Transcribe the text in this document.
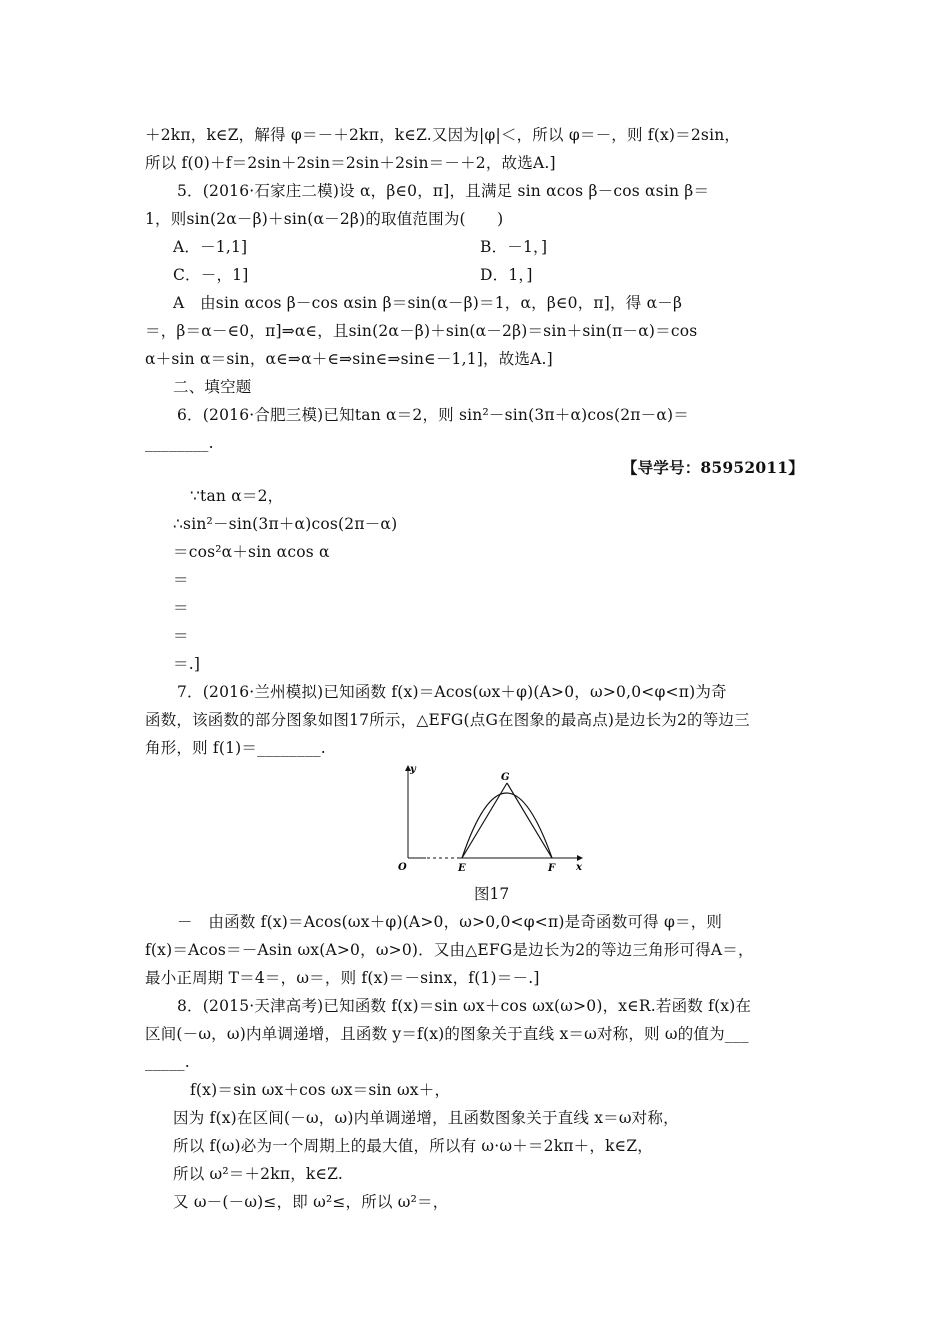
＋2kπ，k∈Z，解得 φ＝－＋2kπ，k∈Z.又因为|φ|＜，所以 φ＝－，则 f(x)＝2sin，
所以 f(0)＋f＝2sin＋2sin＝2sin＋2sin＝－＋2，故选A.]
5．(2016·石家庄二模)设 α，β∈0，π]，且满足 sin αcos β－cos αsin β＝
1，则sin(2α－β)＋sin(α－2β)的取值范围为(　　)
A．－1,1]	B．－1，]
C．－，1]	D．1，]
A　由sin αcos β－cos αsin β＝sin(α－β)＝1，α，β∈0，π]，得 α－β
＝，β＝α－∈0，π]⇒α∈，且sin(2α－β)＋sin(α－2β)＝sin＋sin(π－α)＝cos
α＋sin α＝sin，α∈⇒α＋∈⇒sin∈⇒sin∈－1,1]，故选A.]
二、填空题
6．(2016·合肥三模)已知tan α＝2，则 sin²－sin(3π＋α)cos(2π－α)＝
________.
【导学号：85952011】
∵tan α＝2，
∴sin²－sin(3π＋α)cos(2π－α)
＝cos²α＋sin αcos α
＝
＝
＝
＝.]
7．(2016·兰州模拟)已知函数 f(x)＝Acos(ωx＋φ)(A>0，ω>0,0<φ<π)为奇
函数，该函数的部分图象如图17所示，△EFG(点G在图象的最高点)是边长为2的等边三
角形，则 f(1)＝________.
y
x
O	E	F
G
图17
－　由函数 f(x)＝Acos(ωx＋φ)(A>0，ω>0,0<φ<π)是奇函数可得 φ＝，则
f(x)＝Acos＝－Asin ωx(A>0，ω>0)．又由△EFG是边长为2的等边三角形可得A＝，
最小正周期 T＝4＝，ω＝，则 f(x)＝－sinx，f(1)＝－.]
8．(2015·天津高考)已知函数 f(x)＝sin ωx＋cos ωx(ω>0)，x∈R.若函数 f(x)在
区间(－ω，ω)内单调递增，且函数 y＝f(x)的图象关于直线 x＝ω对称，则 ω的值为___
_____.
f(x)＝sin ωx＋cos ωx＝sin ωx＋，
因为 f(x)在区间(－ω，ω)内单调递增，且函数图象关于直线 x＝ω对称，
所以 f(ω)必为一个周期上的最大值，所以有 ω·ω＋＝2kπ＋，k∈Z，
所以 ω²＝＋2kπ，k∈Z.
又 ω－(－ω)≤，即 ω²≤，所以 ω²＝，
